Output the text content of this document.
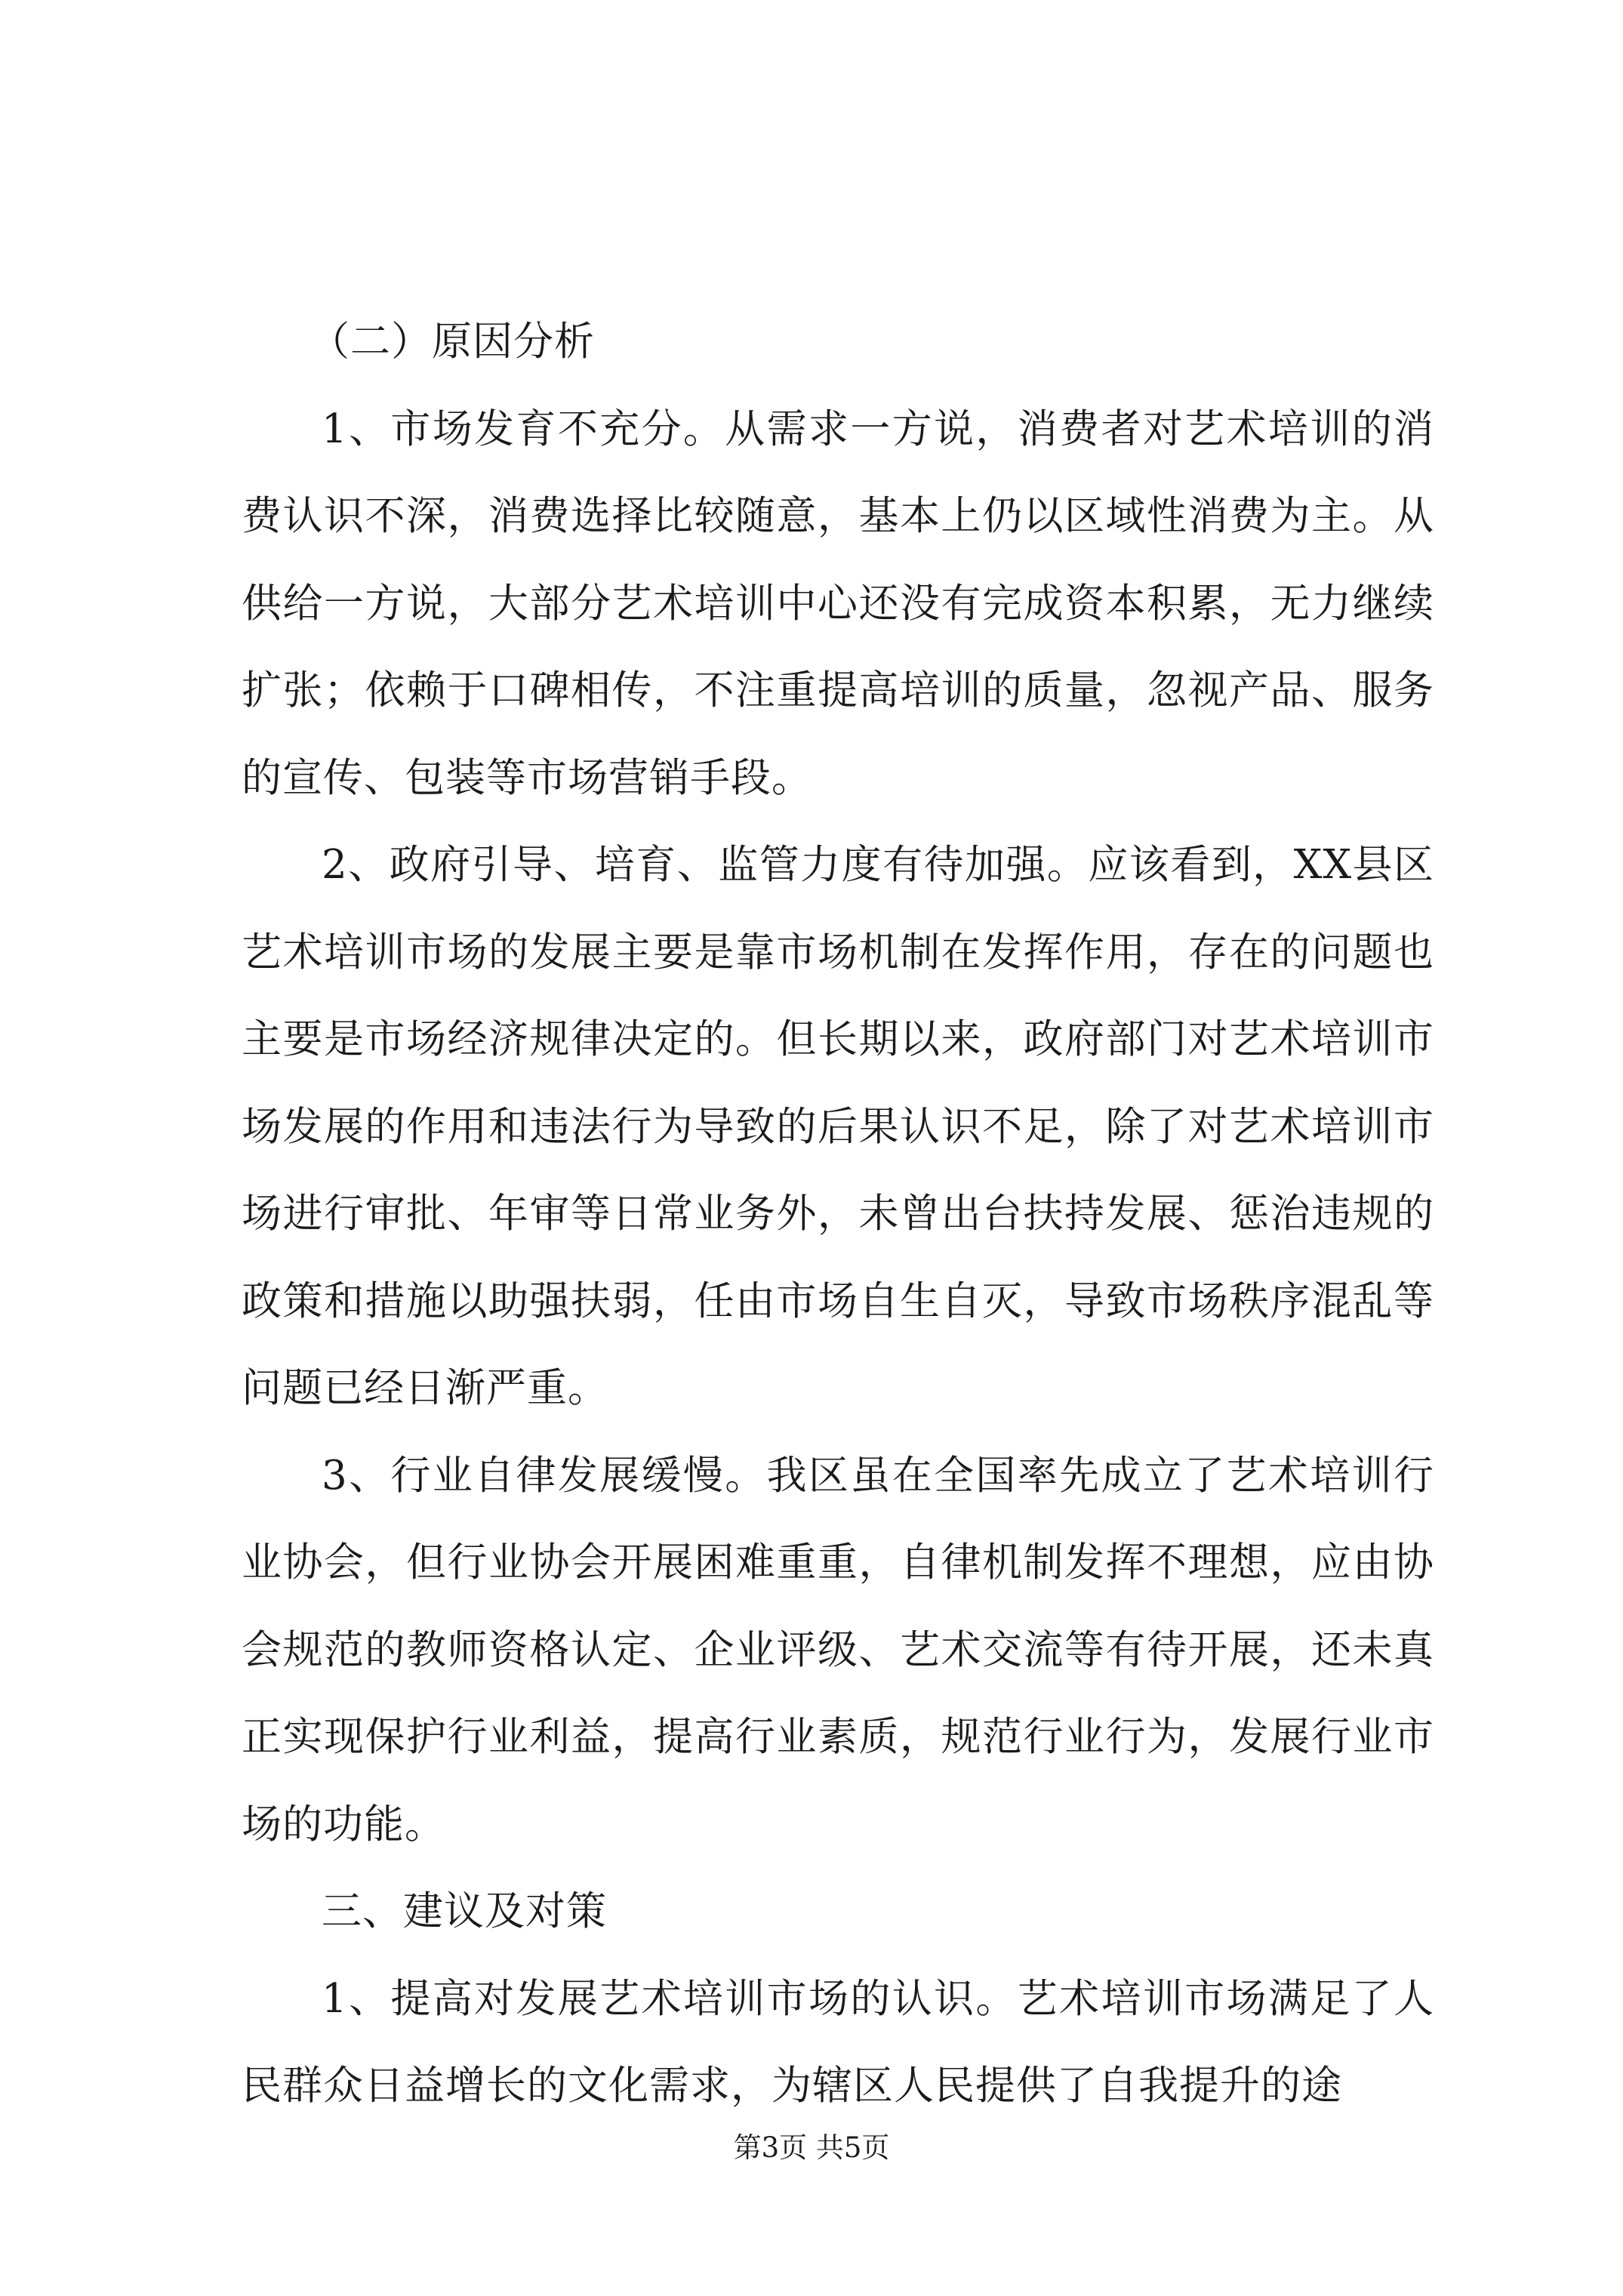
（二）原因分析

1、市场发育不充分。从需求一方说，消费者对艺术培训的消费认识不深，消费选择比较随意，基本上仍以区域性消费为主。从供给一方说，大部分艺术培训中心还没有完成资本积累，无力继续扩张；依赖于口碑相传，不注重提高培训的质量，忽视产品、服务的宣传、包装等市场营销手段。

2、政府引导、培育、监管力度有待加强。应该看到，XX县区艺术培训市场的发展主要是靠市场机制在发挥作用，存在的问题也主要是市场经济规律决定的。但长期以来，政府部门对艺术培训市场发展的作用和违法行为导致的后果认识不足，除了对艺术培训市场进行审批、年审等日常业务外，未曾出台扶持发展、惩治违规的政策和措施以助强扶弱，任由市场自生自灭，导致市场秩序混乱等问题已经日渐严重。

3、行业自律发展缓慢。我区虽在全国率先成立了艺术培训行业协会，但行业协会开展困难重重，自律机制发挥不理想，应由协会规范的教师资格认定、企业评级、艺术交流等有待开展，还未真正实现保护行业利益，提高行业素质，规范行业行为，发展行业市场的功能。

三、建议及对策

1、提高对发展艺术培训市场的认识。艺术培训市场满足了人民群众日益增长的文化需求，为辖区人民提供了自我提升的途

第3页 共5页
